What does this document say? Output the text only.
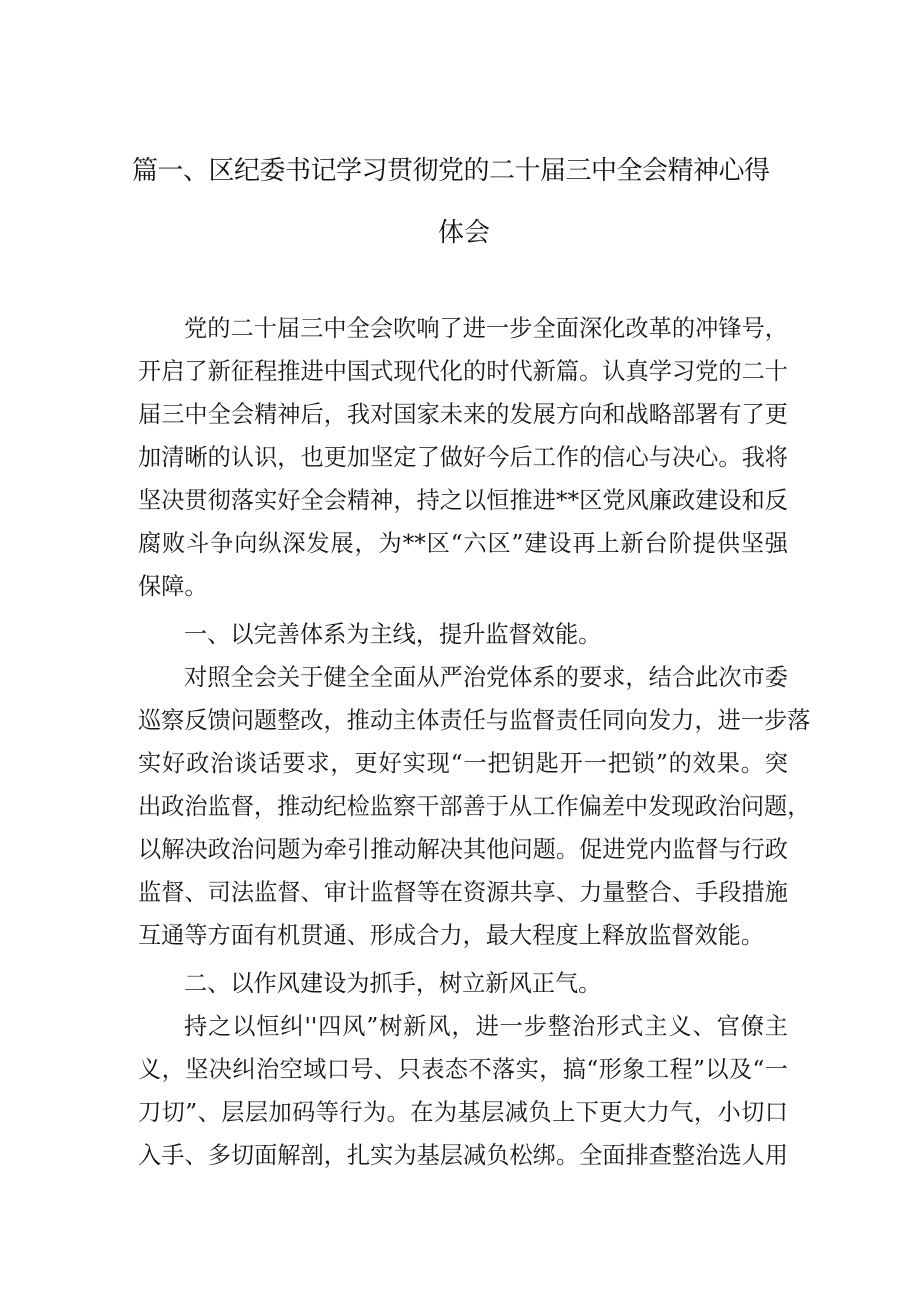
篇一、区纪委书记学习贯彻党的二十届三中全会精神心得
体会
党的二十届三中全会吹响了进一步全面深化改革的冲锋号，
开启了新征程推进中国式现代化的时代新篇。认真学习党的二十
届三中全会精神后，我对国家未来的发展方向和战略部署有了更
加清晰的认识，也更加坚定了做好今后工作的信心与决心。我将
坚决贯彻落实好全会精神，持之以恒推进**区党风廉政建设和反
腐败斗争向纵深发展，为**区“六区”建设再上新台阶提供坚强
保障。
一、以完善体系为主线，提升监督效能。
对照全会关于健全全面从严治党体系的要求，结合此次市委
巡察反馈问题整改，推动主体责任与监督责任同向发力，进一步落
实好政治谈话要求，更好实现“一把钥匙开一把锁”的效果。突
出政治监督，推动纪检监察干部善于从工作偏差中发现政治问题，
以解决政治问题为牵引推动解决其他问题。促进党内监督与行政
监督、司法监督、审计监督等在资源共享、力量整合、手段措施
互通等方面有机贯通、形成合力，最大程度上释放监督效能。
二、以作风建设为抓手，树立新风正气。
持之以恒纠''四风”树新风，进一步整治形式主义、官僚主
义，坚决纠治空域口号、只表态不落实，搞“形象工程”以及“一
刀切”、层层加码等行为。在为基层减负上下更大力气，小切口
入手、多切面解剖，扎实为基层减负松绑。全面排查整治选人用
